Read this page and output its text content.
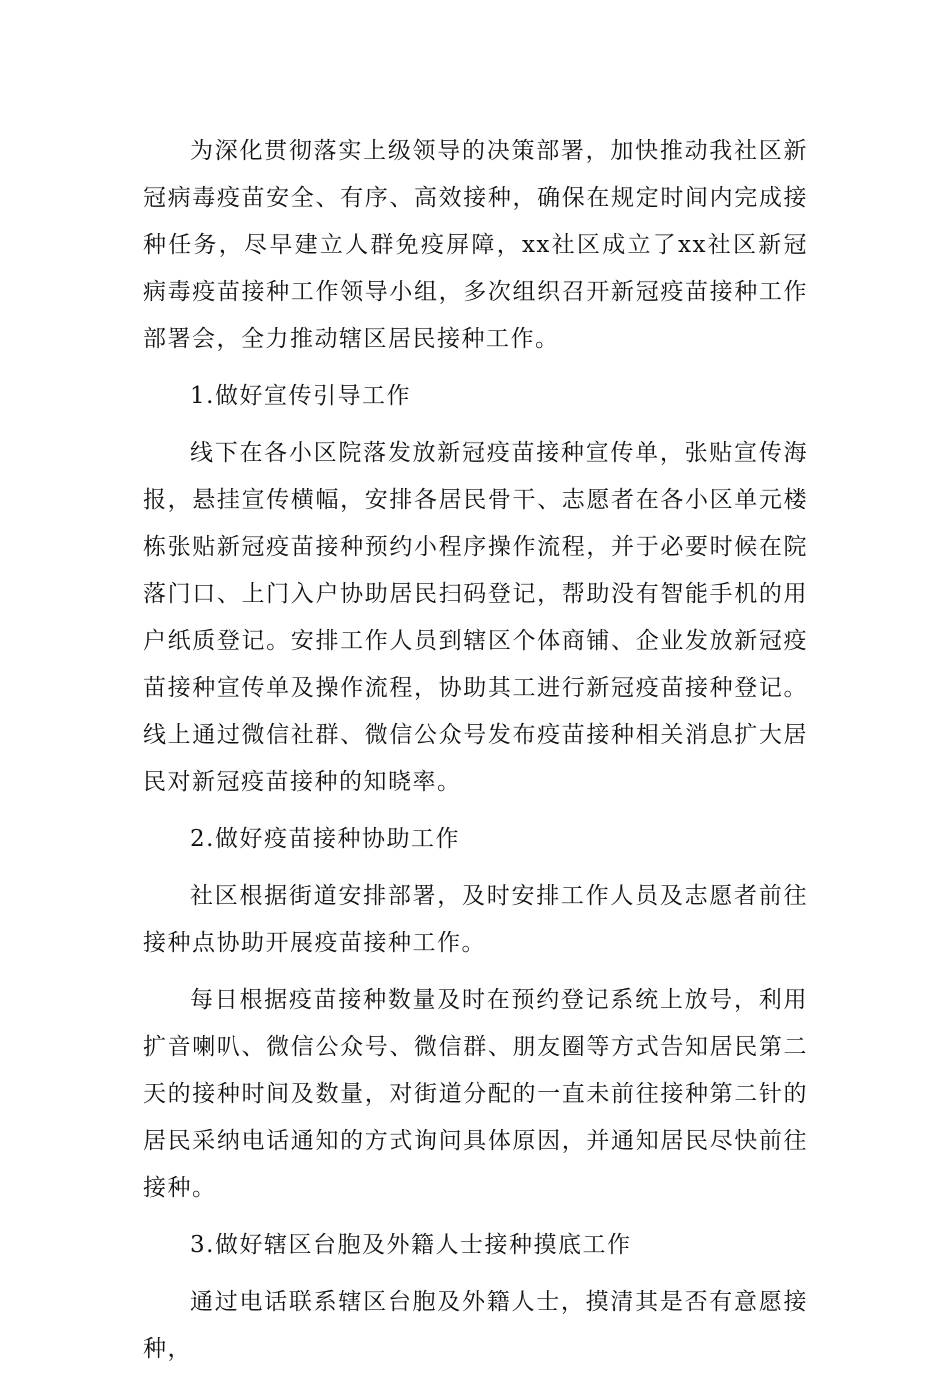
为深化贯彻落实上级领导的决策部署，加快推动我社区新冠病毒疫苗安全、有序、高效接种，确保在规定时间内完成接种任务，尽早建立人群免疫屏障，xx社区成立了xx社区新冠病毒疫苗接种工作领导小组，多次组织召开新冠疫苗接种工作部署会，全力推动辖区居民接种工作。

1.做好宣传引导工作

线下在各小区院落发放新冠疫苗接种宣传单，张贴宣传海报，悬挂宣传横幅，安排各居民骨干、志愿者在各小区单元楼栋张贴新冠疫苗接种预约小程序操作流程，并于必要时候在院落门口、上门入户协助居民扫码登记，帮助没有智能手机的用户纸质登记。安排工作人员到辖区个体商铺、企业发放新冠疫苗接种宣传单及操作流程，协助其工进行新冠疫苗接种登记。线上通过微信社群、微信公众号发布疫苗接种相关消息扩大居民对新冠疫苗接种的知晓率。

2.做好疫苗接种协助工作

社区根据街道安排部署，及时安排工作人员及志愿者前往接种点协助开展疫苗接种工作。

每日根据疫苗接种数量及时在预约登记系统上放号，利用扩音喇叭、微信公众号、微信群、朋友圈等方式告知居民第二天的接种时间及数量，对街道分配的一直未前往接种第二针的居民采纳电话通知的方式询问具体原因，并通知居民尽快前往接种。

3.做好辖区台胞及外籍人士接种摸底工作

通过电话联系辖区台胞及外籍人士，摸清其是否有意愿接种，
